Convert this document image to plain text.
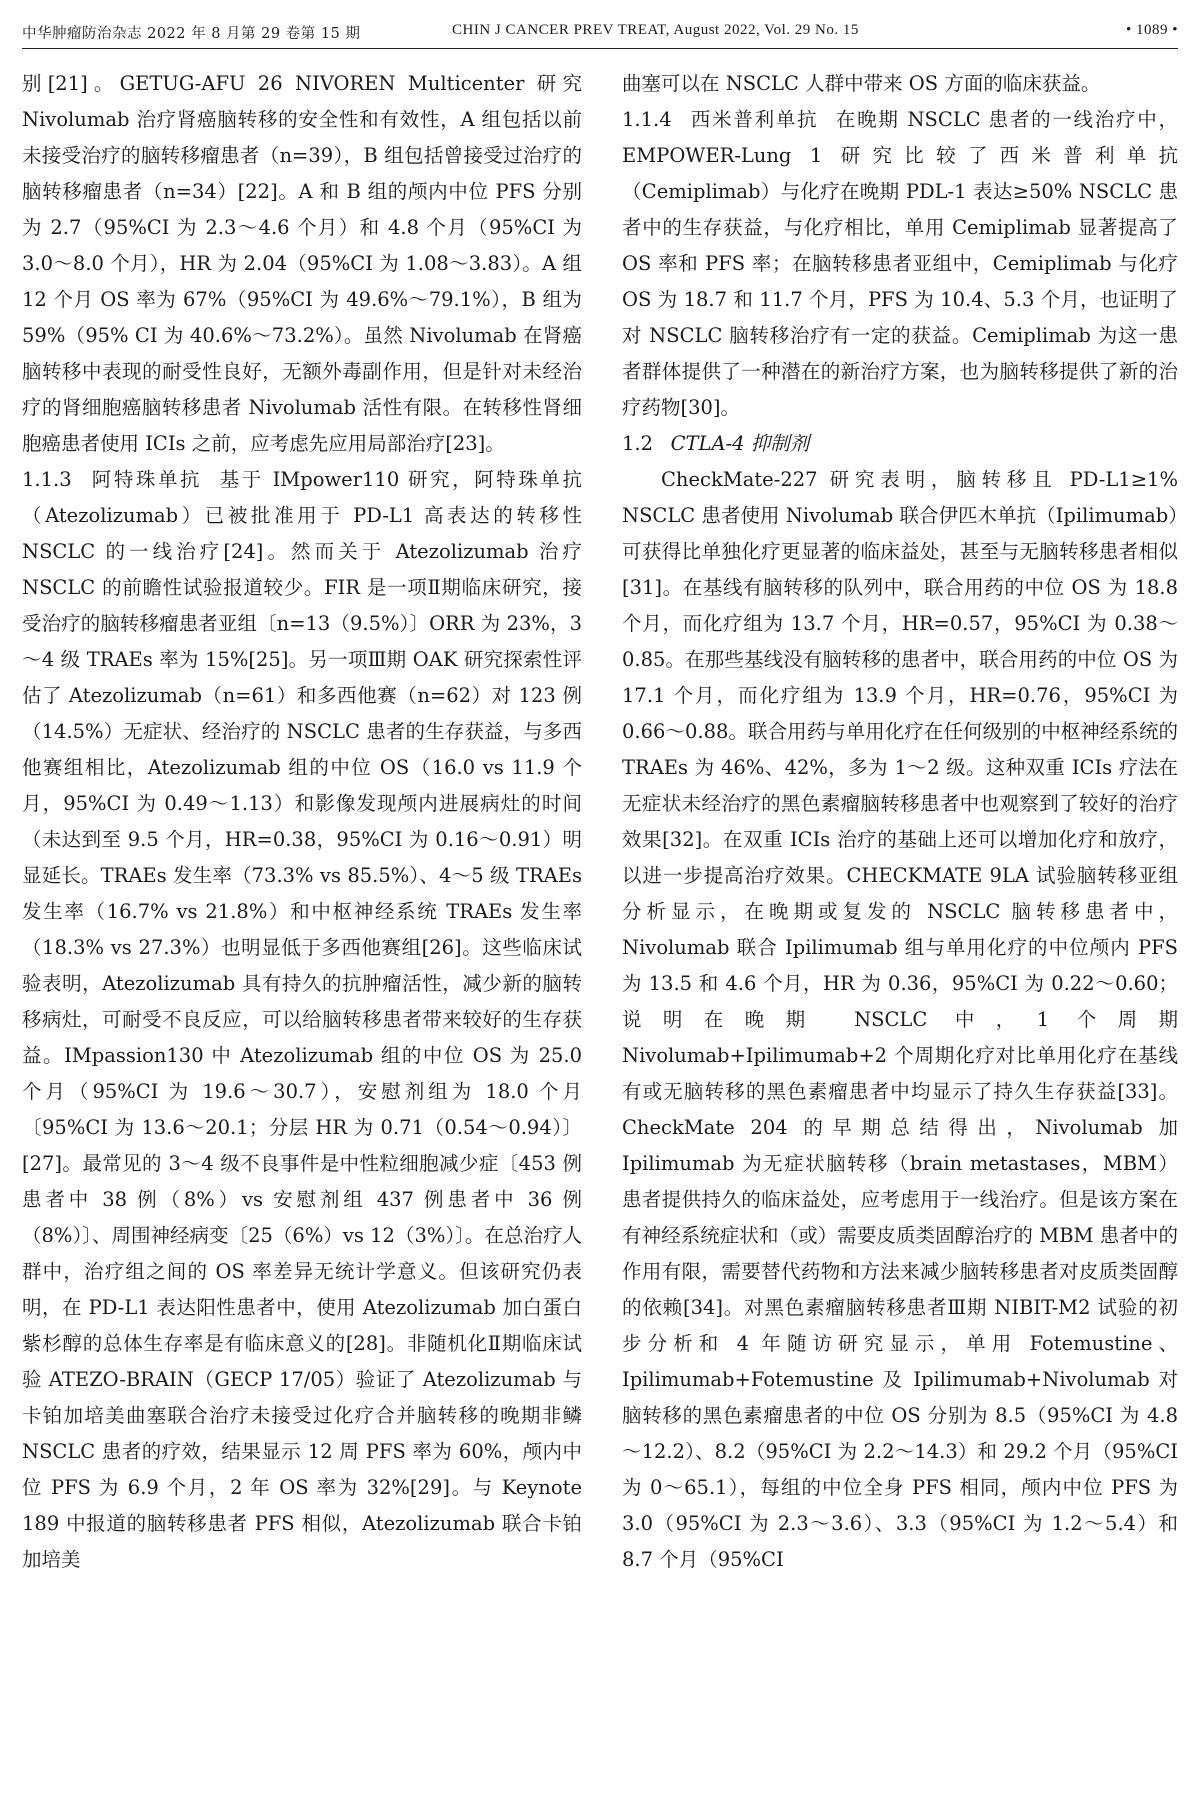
中华肿瘤防治杂志 2022 年 8 月第 29 卷第 15 期	CHIN J CANCER PREV TREAT, August 2022, Vol. 29 No. 15	• 1089 •

别[21]。GETUG-AFU 26 NIVOREN Multicenter 研究 Nivolumab 治疗肾癌脑转移的安全性和有效性，A 组包括以前未接受治疗的脑转移瘤患者（n=39），B 组包括曾接受过治疗的脑转移瘤患者（n=34）[22]。A 和 B 组的颅内中位 PFS 分别为 2.7（95%CI 为 2.3～4.6 个月）和 4.8 个月（95%CI 为 3.0～8.0 个月），HR 为 2.04（95%CI 为 1.08～3.83）。A 组 12 个月 OS 率为 67%（95%CI 为 49.6%～79.1%），B 组为 59%（95% CI 为 40.6%～73.2%）。虽然 Nivolumab 在肾癌脑转移中表现的耐受性良好，无额外毒副作用，但是针对未经治疗的肾细胞癌脑转移患者 Nivolumab 活性有限。在转移性肾细胞癌患者使用 ICIs 之前，应考虑先应用局部治疗[23]。

1.1.3 阿特珠单抗 基于 IMpower110 研究，阿特珠单抗（Atezolizumab）已被批准用于 PD-L1 高表达的转移性 NSCLC 的一线治疗[24]。然而关于 Atezolizumab 治疗 NSCLC 的前瞻性试验报道较少。FIR 是一项Ⅱ期临床研究，接受治疗的脑转移瘤患者亚组〔n=13（9.5%）〕ORR 为 23%，3～4 级 TRAEs 率为 15%[25]。另一项Ⅲ期 OAK 研究探索性评估了 Atezolizumab（n=61）和多西他赛（n=62）对 123 例（14.5%）无症状、经治疗的 NSCLC 患者的生存获益，与多西他赛组相比，Atezolizumab 组的中位 OS（16.0 vs 11.9 个月，95%CI 为 0.49～1.13）和影像发现颅内进展病灶的时间（未达到至 9.5 个月，HR=0.38，95%CI 为 0.16～0.91）明显延长。TRAEs 发生率（73.3% vs 85.5%）、4～5 级 TRAEs 发生率（16.7% vs 21.8%）和中枢神经系统 TRAEs 发生率（18.3% vs 27.3%）也明显低于多西他赛组[26]。这些临床试验表明，Atezolizumab 具有持久的抗肿瘤活性，减少新的脑转移病灶，可耐受不良反应，可以给脑转移患者带来较好的生存获益。IMpassion130 中 Atezolizumab 组的中位 OS 为 25.0 个月（95%CI 为 19.6～30.7），安慰剂组为 18.0 个月〔95%CI 为 13.6～20.1；分层 HR 为 0.71（0.54～0.94）〕[27]。最常见的 3～4 级不良事件是中性粒细胞减少症〔453 例患者中 38 例（8%）vs 安慰剂组 437 例患者中 36 例（8%）〕、周围神经病变〔25（6%）vs 12（3%）〕。在总治疗人群中，治疗组之间的 OS 率差异无统计学意义。但该研究仍表明，在 PD-L1 表达阳性患者中，使用 Atezolizumab 加白蛋白紫杉醇的总体生存率是有临床意义的[28]。非随机化Ⅱ期临床试验 ATEZO-BRAIN（GECP 17/05）验证了 Atezolizumab 与卡铂加培美曲塞联合治疗未接受过化疗合并脑转移的晚期非鳞 NSCLC 患者的疗效，结果显示 12 周 PFS 率为 60%，颅内中位 PFS 为 6.9 个月，2 年 OS 率为 32%[29]。与 Keynote 189 中报道的脑转移患者 PFS 相似，Atezolizumab 联合卡铂加培美

曲塞可以在 NSCLC 人群中带来 OS 方面的临床获益。

1.1.4 西米普利单抗 在晚期 NSCLC 患者的一线治疗中，EMPOWER-Lung 1 研究比较了西米普利单抗（Cemiplimab）与化疗在晚期 PDL-1 表达≥50% NSCLC 患者中的生存获益，与化疗相比，单用 Cemiplimab 显著提高了 OS 率和 PFS 率；在脑转移患者亚组中，Cemiplimab 与化疗 OS 为 18.7 和 11.7 个月，PFS 为 10.4、5.3 个月，也证明了对 NSCLC 脑转移治疗有一定的获益。Cemiplimab 为这一患者群体提供了一种潜在的新治疗方案，也为脑转移提供了新的治疗药物[30]。

1.2 CTLA-4 抑制剂

CheckMate-227 研究表明，脑转移且 PD-L1≥1% NSCLC 患者使用 Nivolumab 联合伊匹木单抗（Ipilimumab）可获得比单独化疗更显著的临床益处，甚至与无脑转移患者相似[31]。在基线有脑转移的队列中，联合用药的中位 OS 为 18.8 个月，而化疗组为 13.7 个月，HR=0.57，95%CI 为 0.38～0.85。在那些基线没有脑转移的患者中，联合用药的中位 OS 为 17.1 个月，而化疗组为 13.9 个月，HR=0.76，95%CI 为 0.66～0.88。联合用药与单用化疗在任何级别的中枢神经系统的 TRAEs 为 46%、42%，多为 1～2 级。这种双重 ICIs 疗法在无症状未经治疗的黑色素瘤脑转移患者中也观察到了较好的治疗效果[32]。在双重 ICIs 治疗的基础上还可以增加化疗和放疗，以进一步提高治疗效果。CHECKMATE 9LA 试验脑转移亚组分析显示，在晚期或复发的 NSCLC 脑转移患者中，Nivolumab 联合 Ipilimumab 组与单用化疗的中位颅内 PFS 为 13.5 和 4.6 个月，HR 为 0.36，95%CI 为 0.22～0.60；说明在晚期 NSCLC 中，1 个周期 Nivolumab+Ipilimumab+2 个周期化疗对比单用化疗在基线有或无脑转移的黑色素瘤患者中均显示了持久生存获益[33]。CheckMate 204 的早期总结得出，Nivolumab 加 Ipilimumab 为无症状脑转移（brain metastases，MBM）患者提供持久的临床益处，应考虑用于一线治疗。但是该方案在有神经系统症状和（或）需要皮质类固醇治疗的 MBM 患者中的作用有限，需要替代药物和方法来减少脑转移患者对皮质类固醇的依赖[34]。对黑色素瘤脑转移患者Ⅲ期 NIBIT-M2 试验的初步分析和 4 年随访研究显示，单用 Fotemustine、Ipilimumab+Fotemustine 及 Ipilimumab+Nivolumab 对脑转移的黑色素瘤患者的中位 OS 分别为 8.5（95%CI 为 4.8～12.2）、8.2（95%CI 为 2.2～14.3）和 29.2 个月（95%CI 为 0～65.1），每组的中位全身 PFS 相同，颅内中位 PFS 为 3.0（95%CI 为 2.3～3.6）、3.3（95%CI 为 1.2～5.4）和 8.7 个月（95%CI
